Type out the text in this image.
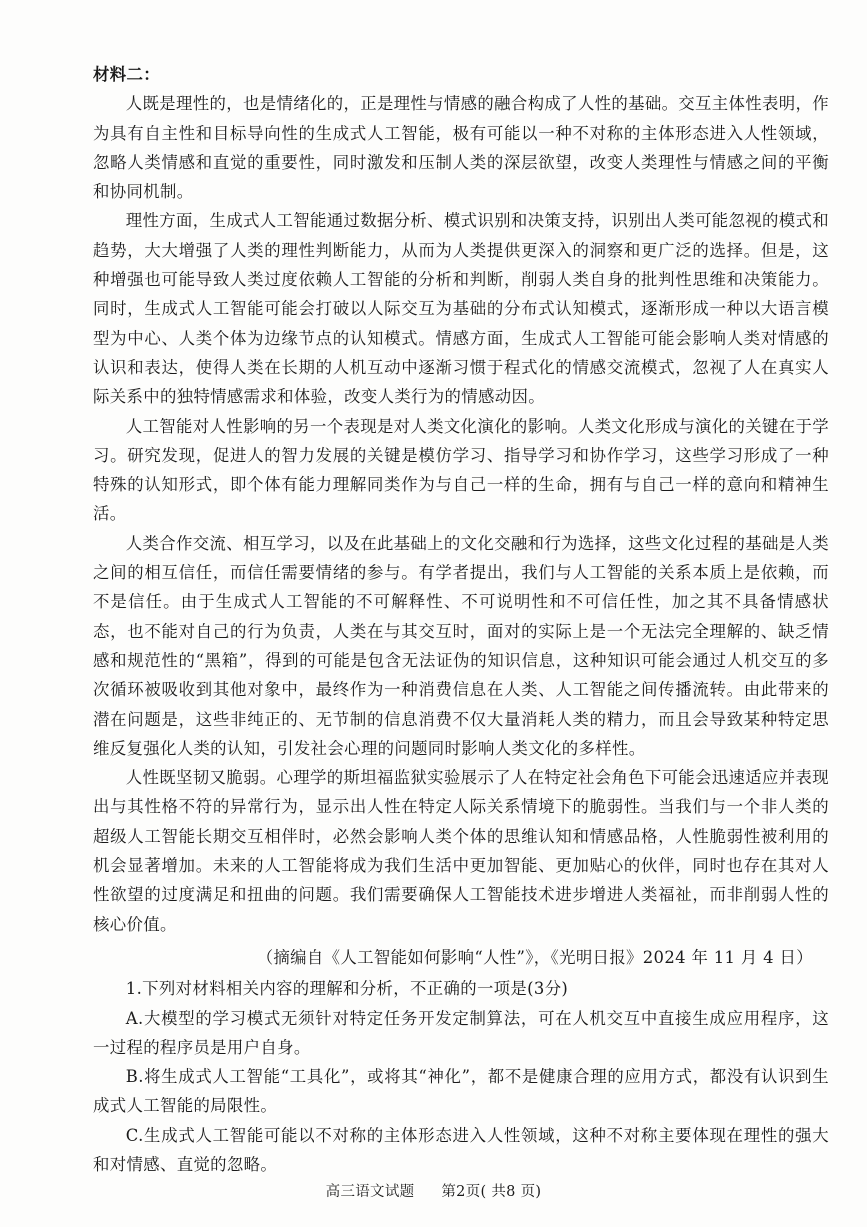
材料二：

人既是理性的，也是情绪化的，正是理性与情感的融合构成了人性的基础。交互主体性表明，作为具有自主性和目标导向性的生成式人工智能，极有可能以一种不对称的主体形态进入人性领域，忽略人类情感和直觉的重要性，同时激发和压制人类的深层欲望，改变人类理性与情感之间的平衡和协同机制。

理性方面，生成式人工智能通过数据分析、模式识别和决策支持，识别出人类可能忽视的模式和趋势，大大增强了人类的理性判断能力，从而为人类提供更深入的洞察和更广泛的选择。但是，这种增强也可能导致人类过度依赖人工智能的分析和判断，削弱人类自身的批判性思维和决策能力。同时，生成式人工智能可能会打破以人际交互为基础的分布式认知模式，逐渐形成一种以大语言模型为中心、人类个体为边缘节点的认知模式。情感方面，生成式人工智能可能会影响人类对情感的认识和表达，使得人类在长期的人机互动中逐渐习惯于程式化的情感交流模式，忽视了人在真实人际关系中的独特情感需求和体验，改变人类行为的情感动因。

人工智能对人性影响的另一个表现是对人类文化演化的影响。人类文化形成与演化的关键在于学习。研究发现，促进人的智力发展的关键是模仿学习、指导学习和协作学习，这些学习形成了一种特殊的认知形式，即个体有能力理解同类作为与自己一样的生命，拥有与自己一样的意向和精神生活。

人类合作交流、相互学习，以及在此基础上的文化交融和行为选择，这些文化过程的基础是人类之间的相互信任，而信任需要情绪的参与。有学者提出，我们与人工智能的关系本质上是依赖，而不是信任。由于生成式人工智能的不可解释性、不可说明性和不可信任性，加之其不具备情感状态，也不能对自己的行为负责，人类在与其交互时，面对的实际上是一个无法完全理解的、缺乏情感和规范性的“黑箱”，得到的可能是包含无法证伪的知识信息，这种知识可能会通过人机交互的多次循环被吸收到其他对象中，最终作为一种消费信息在人类、人工智能之间传播流转。由此带来的潜在问题是，这些非纯正的、无节制的信息消费不仅大量消耗人类的精力，而且会导致某种特定思维反复强化人类的认知，引发社会心理的问题同时影响人类文化的多样性。

人性既坚韧又脆弱。心理学的斯坦福监狱实验展示了人在特定社会角色下可能会迅速适应并表现出与其性格不符的异常行为，显示出人性在特定人际关系情境下的脆弱性。当我们与一个非人类的超级人工智能长期交互相伴时，必然会影响人类个体的思维认知和情感品格，人性脆弱性被利用的机会显著增加。未来的人工智能将成为我们生活中更加智能、更加贴心的伙伴，同时也存在其对人性欲望的过度满足和扭曲的问题。我们需要确保人工智能技术进步增进人类福祉，而非削弱人性的核心价值。

（摘编自《人工智能如何影响“人性”》，《光明日报》2024 年 11 月 4 日）

1.下列对材料相关内容的理解和分析，不正确的一项是(3分)

A.大模型的学习模式无须针对特定任务开发定制算法，可在人机交互中直接生成应用程序，这一过程的程序员是用户自身。

B.将生成式人工智能“工具化”，或将其“神化”，都不是健康合理的应用方式，都没有认识到生成式人工智能的局限性。

C.生成式人工智能可能以不对称的主体形态进入人性领域，这种不对称主要体现在理性的强大和对情感、直觉的忽略。

高三语文试题 第2页( 共8 页)
